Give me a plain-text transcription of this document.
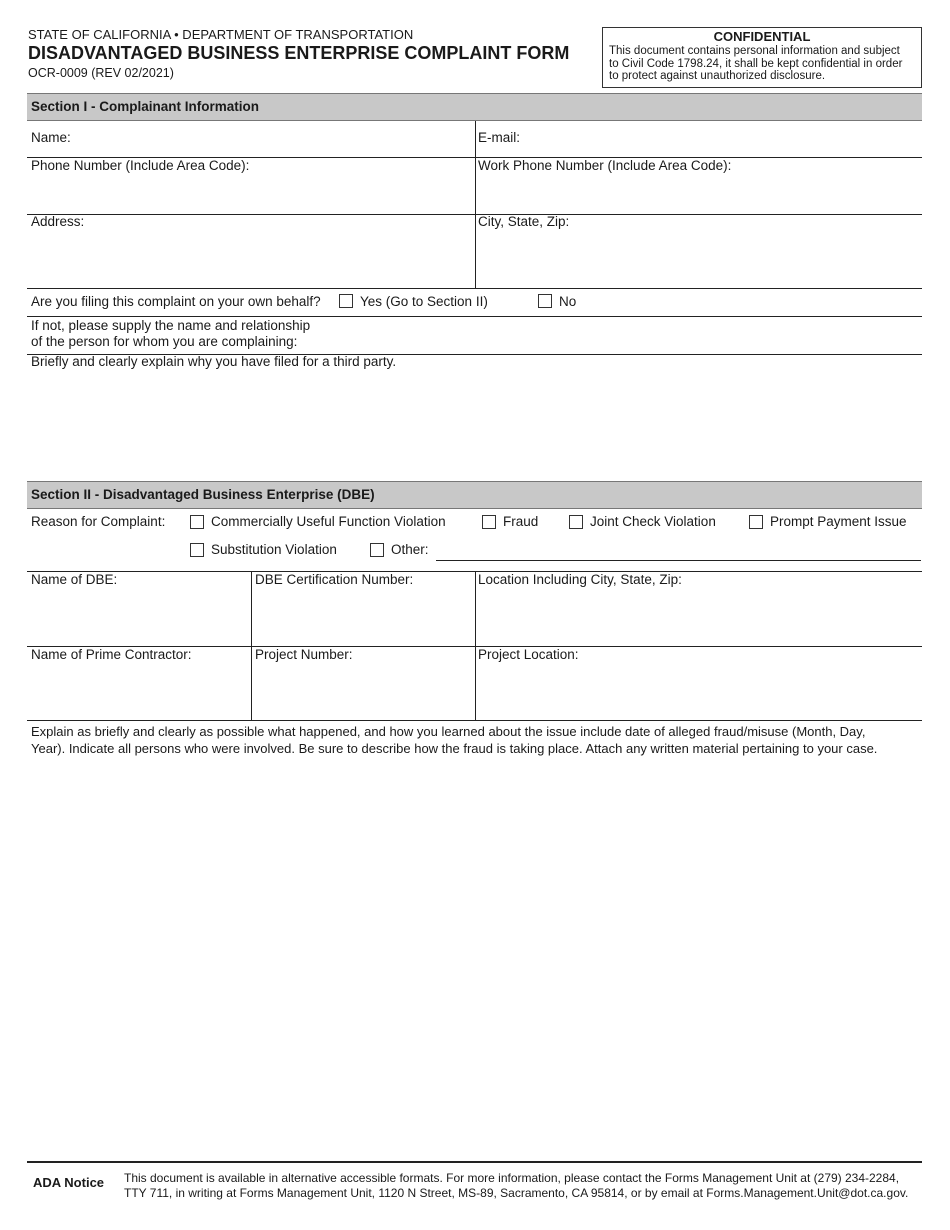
STATE OF CALIFORNIA • DEPARTMENT OF TRANSPORTATION
DISADVANTAGED BUSINESS ENTERPRISE COMPLAINT FORM
OCR-0009 (REV 02/2021)
CONFIDENTIAL
This document contains personal information and subject
to Civil Code 1798.24, it shall be kept confidential in order
to protect against unauthorized disclosure.
Section I - Complainant Information
Name:	E-mail:
Phone Number (Include Area Code):	Work Phone Number (Include Area Code):
Address:	City, State, Zip:
Are you filing this complaint on your own behalf?	Yes (Go to Section II)	No
If not, please supply the name and relationship
of the person for whom you are complaining:
Briefly and clearly explain why you have filed for a third party.
Section II - Disadvantaged Business Enterprise (DBE)
Reason for Complaint:	Commercially Useful Function Violation	Fraud	Joint Check Violation	Prompt Payment Issue
Substitution Violation	Other:
Name of DBE:	DBE Certification Number:	Location Including City, State, Zip:
Name of Prime Contractor:	Project Number:	Project Location:
Explain as briefly and clearly as possible what happened, and how you learned about the issue include date of alleged fraud/misuse (Month, Day,
Year). Indicate all persons who were involved. Be sure to describe how the fraud is taking place. Attach any written material pertaining to your case.
ADA Notice This document is available in alternative accessible formats. For more information, please contact the Forms Management Unit at (279) 234-2284,
TTY 711, in writing at Forms Management Unit, 1120 N Street, MS-89, Sacramento, CA 95814, or by email at Forms.Management.Unit@dot.ca.gov.
